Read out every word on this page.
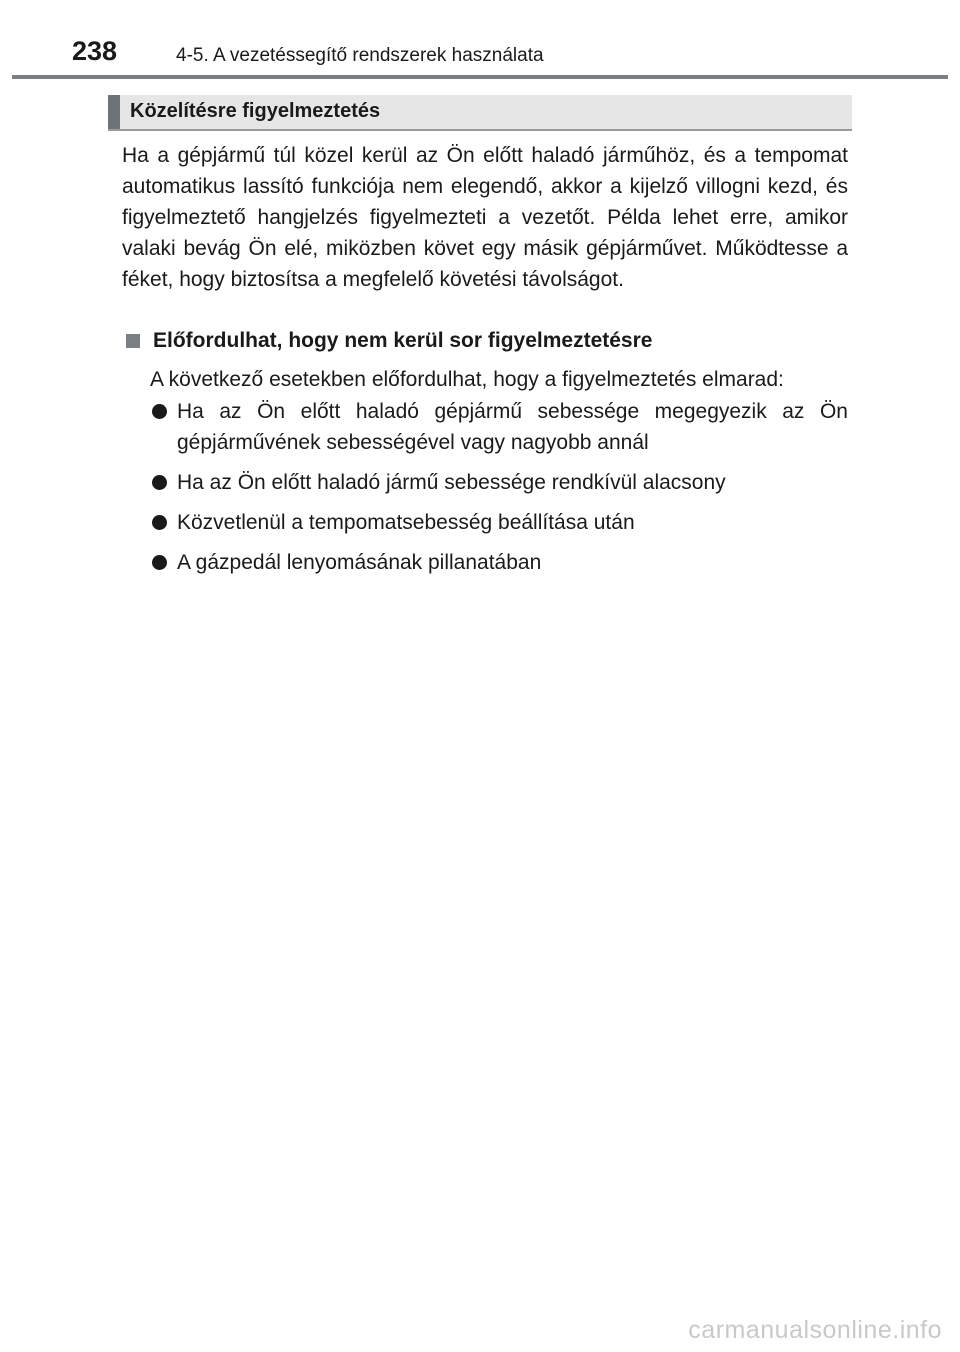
238	4-5. A vezetéssegítő rendszerek használata
Közelítésre figyelmeztetés

Ha a gépjármű túl közel kerül az Ön előtt haladó járműhöz, és a tempomat automatikus lassító funkciója nem elegendő, akkor a kijelző villogni kezd, és figyelmeztető hangjelzés figyelmezteti a vezetőt. Példa lehet erre, amikor valaki bevág Ön elé, miközben követ egy másik gépjárművet. Működtesse a féket, hogy biztosítsa a megfelelő követési távolságot.

Előfordulhat, hogy nem kerül sor figyelmeztetésre

A következő esetekben előfordulhat, hogy a figyelmeztetés elmarad:

Ha az Ön előtt haladó gépjármű sebessége megegyezik az Ön gépjárművének sebességével vagy nagyobb annál
Ha az Ön előtt haladó jármű sebessége rendkívül alacsony
Közvetlenül a tempomatsebesség beállítása után
A gázpedál lenyomásának pillanatában
carmanualsonline.info
